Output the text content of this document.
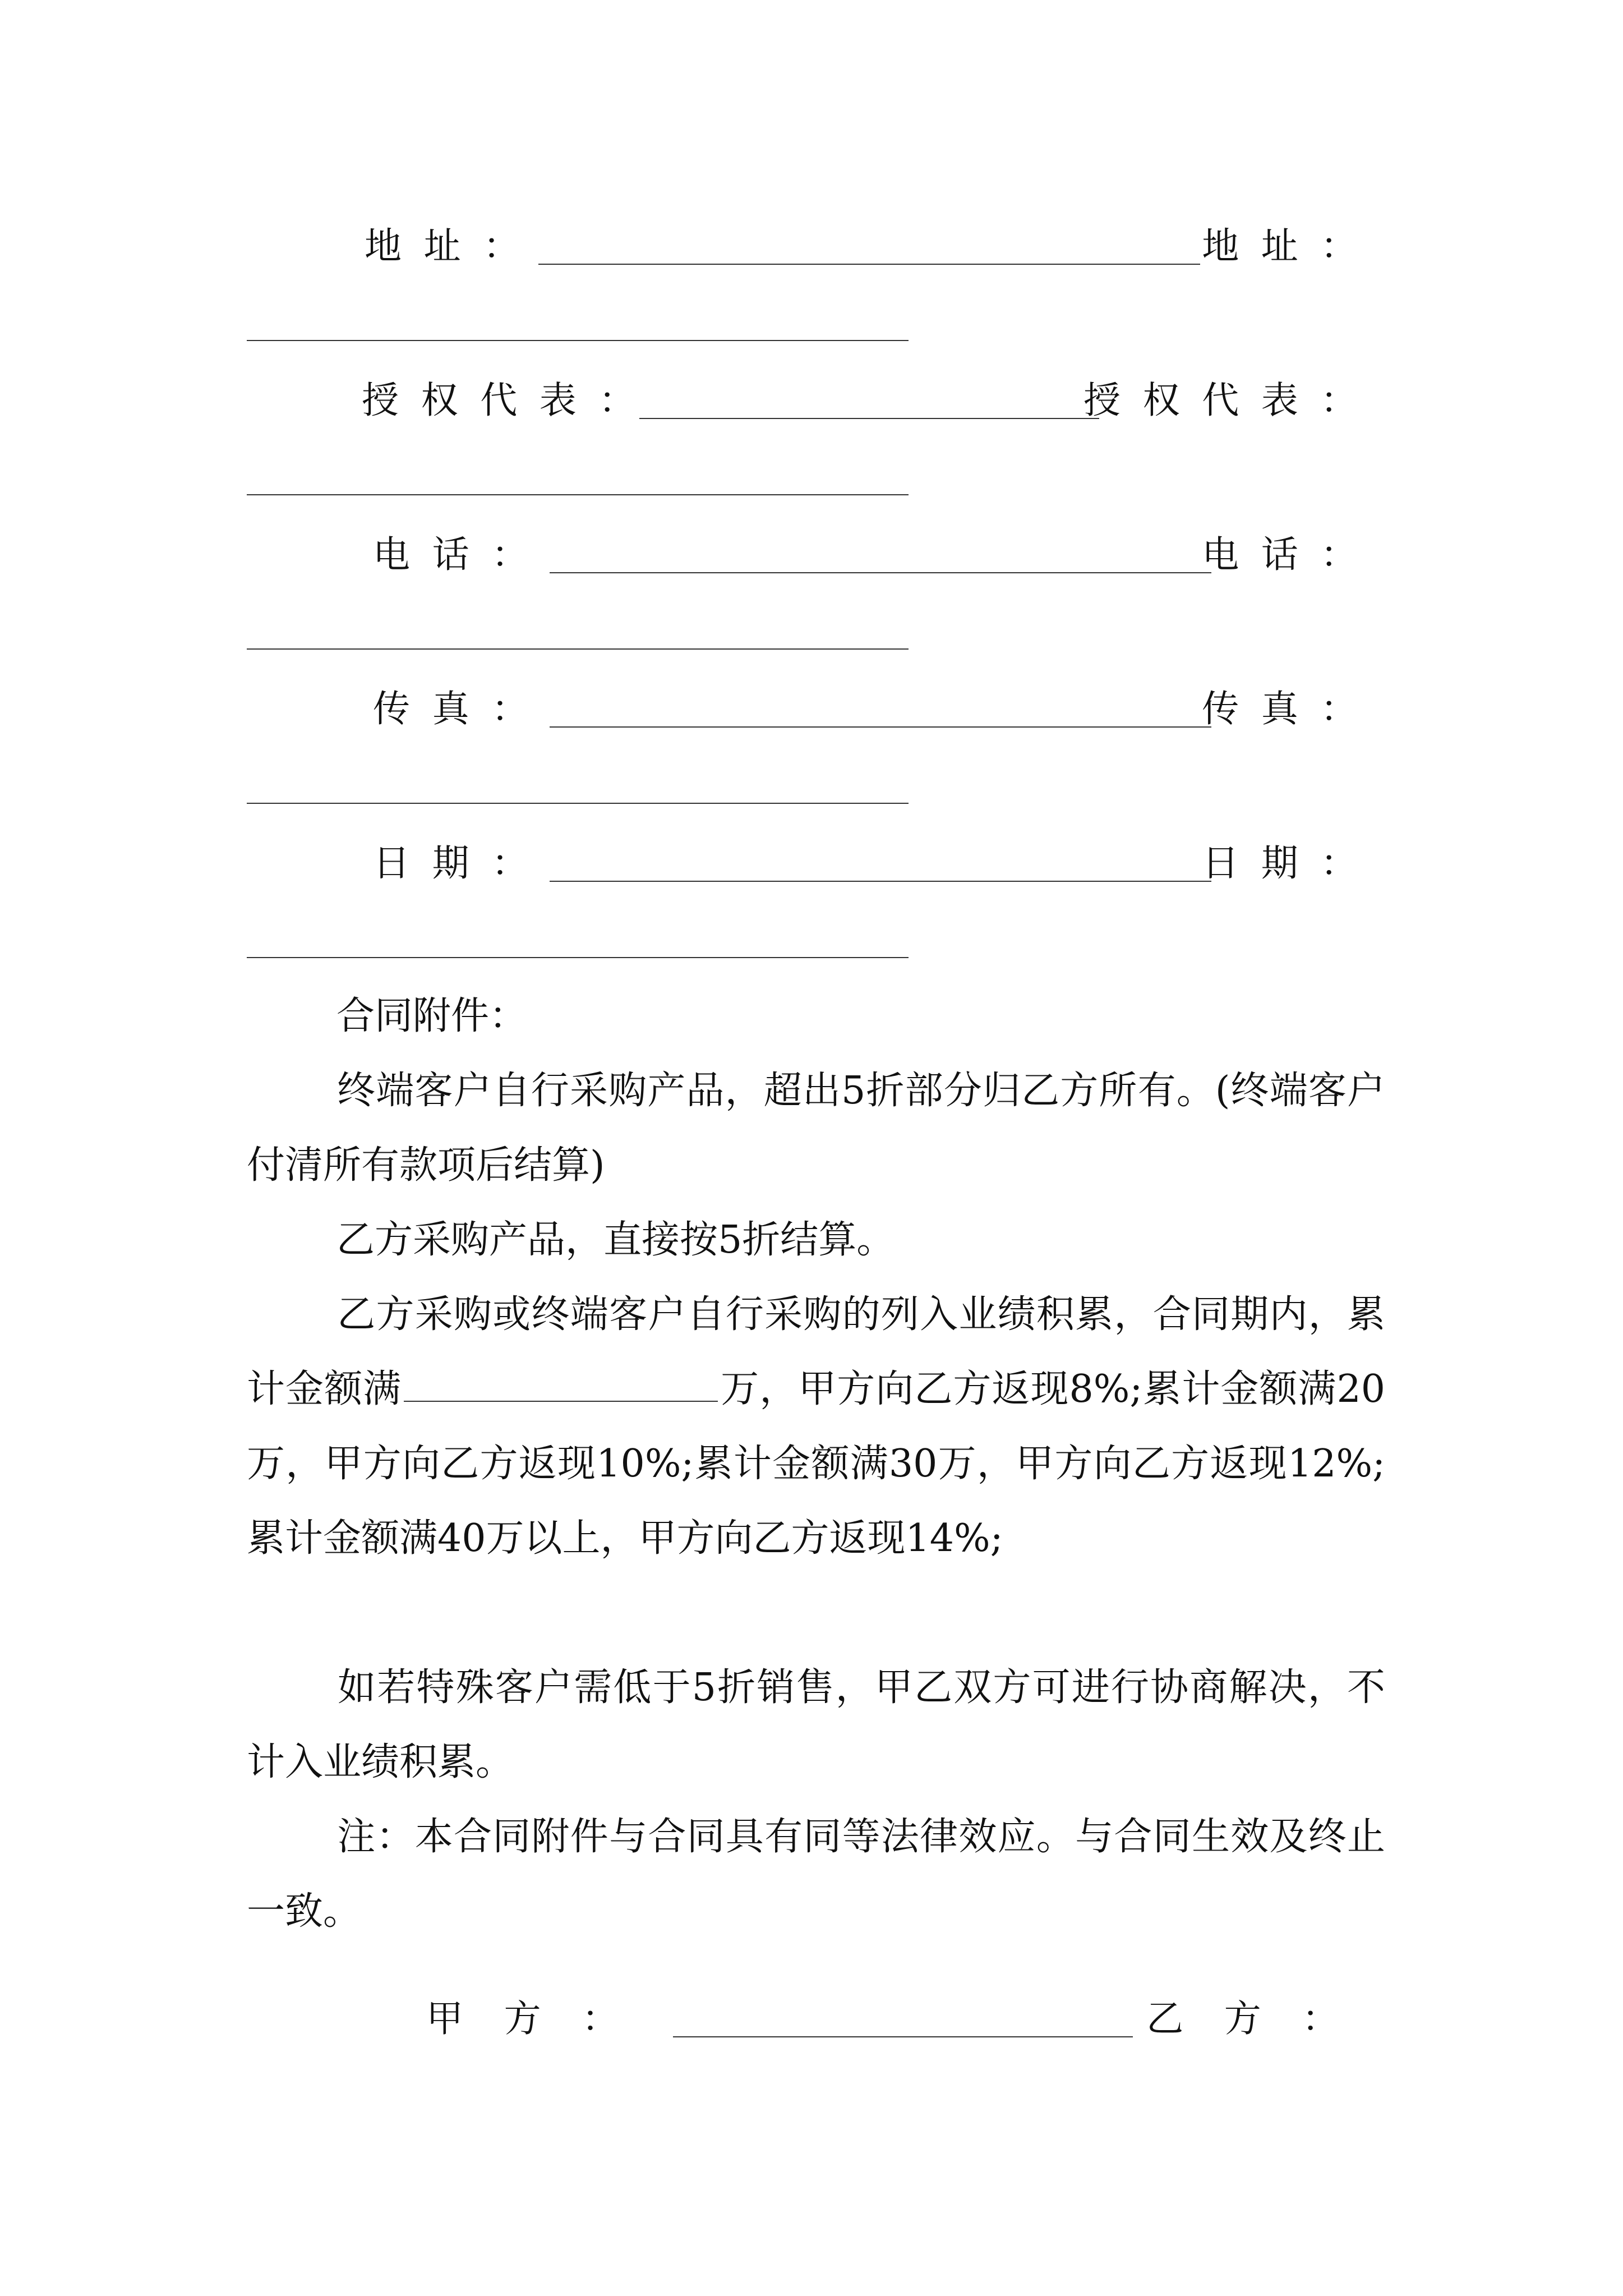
地址：	地址：
授权代表：	授权代表：
电话：	电话：
传真：	传真：
日期：	日期：
合同附件：
终端客户自行采购产品，超出5折部分归乙方所有。(终端客户付清所有款项后结算)
乙方采购产品，直接按5折结算。
乙方采购或终端客户自行采购的列入业绩积累，合同期内，累计金额满	万，甲方向乙方返现8%;累计金额满20万，甲方向乙方返现10%;累计金额满30万，甲方向乙方返现12%;累计金额满40万以上，甲方向乙方返现14%;
如若特殊客户需低于5折销售，甲乙双方可进行协商解决，不计入业绩积累。
注：本合同附件与合同具有同等法律效应。与合同生效及终止一致。
甲方：	乙方：
